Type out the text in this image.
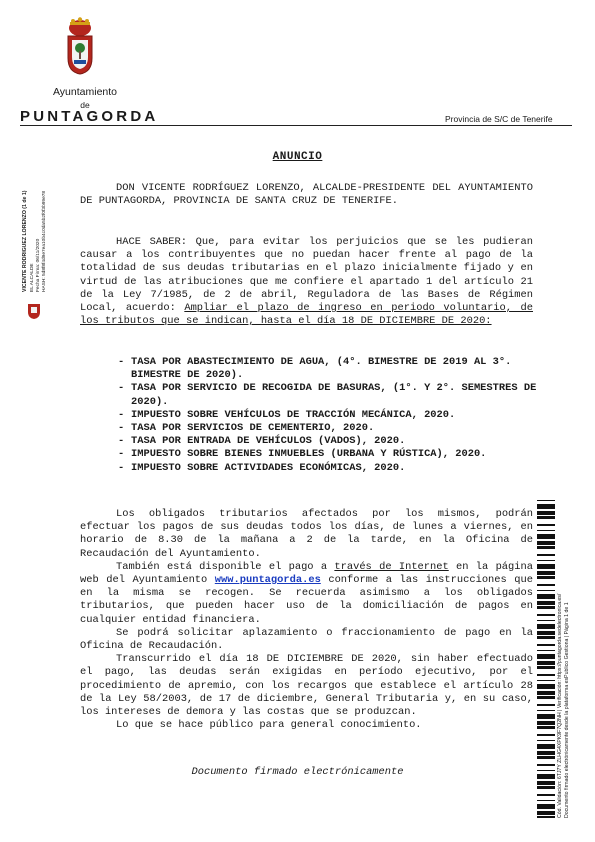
Ayuntamiento
de
PUNTAGORDA	Provincia de S/C de Tenerife
VICENTE RODRIGUEZ LORENZO (1 de 1) EL ALCALDE Fecha Firma: 06/11/2020 HASH: 5d8f8f4d9e7ea10b4c0da5b2f0f3b99e78
ANUNCIO

DON VICENTE RODRÍGUEZ LORENZO, ALCALDE-PRESIDENTE DEL AYUNTAMIENTO DE PUNTAGORDA, PROVINCIA DE SANTA CRUZ DE TENERIFE.

HACE SABER: Que, para evitar los perjuicios que se les pudieran causar a los contribuyentes que no puedan hacer frente al pago de la totalidad de sus deudas tributarias en el plazo inicialmente fijado y en virtud de las atribuciones que me confiere el apartado 1 del artículo 21 de la Ley 7/1985, de 2 de abril, Reguladora de las Bases de Régimen Local, acuerdo: Ampliar el plazo de ingreso en periodo voluntario, de los tributos que se indican, hasta el día 18 DE DICIEMBRE DE 2020:

- TASA POR ABASTECIMIENTO DE AGUA, (4°. BIMESTRE DE 2019 AL 3°. BIMESTRE DE 2020).
- TASA POR SERVICIO DE RECOGIDA DE BASURAS, (1°. Y 2°. SEMESTRES DE 2020).
- IMPUESTO SOBRE VEHÍCULOS DE TRACCIÓN MECÁNICA, 2020.
- TASA POR SERVICIOS DE CEMENTERIO, 2020.
- TASA POR ENTRADA DE VEHÍCULOS (VADOS), 2020.
- IMPUESTO SOBRE BIENES INMUEBLES (URBANA Y RÚSTICA), 2020.
- IMPUESTO SOBRE ACTIVIDADES ECONÓMICAS, 2020.

Los obligados tributarios afectados por los mismos, podrán efectuar los pagos de sus deudas todos los días, de lunes a viernes, en horario de 8.30 de la mañana a 2 de la tarde, en la Oficina de Recaudación del Ayuntamiento.

También está disponible el pago a través de Internet en la página web del Ayuntamiento www.puntagorda.es conforme a las instrucciones que en la misma se recogen. Se recuerda asimismo a los obligados tributarios, que pueden hacer uso de la domiciliación de pagos en cualquier entidad financiera.

Se podrá solicitar aplazamiento o fraccionamiento de pago en la Oficina de Recaudación.

Transcurrido el día 18 DE DICIEMBRE DE 2020, sin haber efectuado el pago, las deudas serán exigidas en período ejecutivo, por el procedimiento de apremio, con los recargos que establece el artículo 28 de la Ley 58/2003, de 17 de diciembre, General Tributaria y, en su caso, los intereses de demora y las costas que se produzcan.

Lo que se hace público para general conocimiento.

Documento firmado electrónicamente	Cód. Validación: 6TJ7Y ZLHG4XPK9F7Q2NH | Verificación: https://puntagorda.sedelectronica.es/ Documento firmado electrónicamente desde la plataforma esPublico Gestiona | Página 1 de 1
